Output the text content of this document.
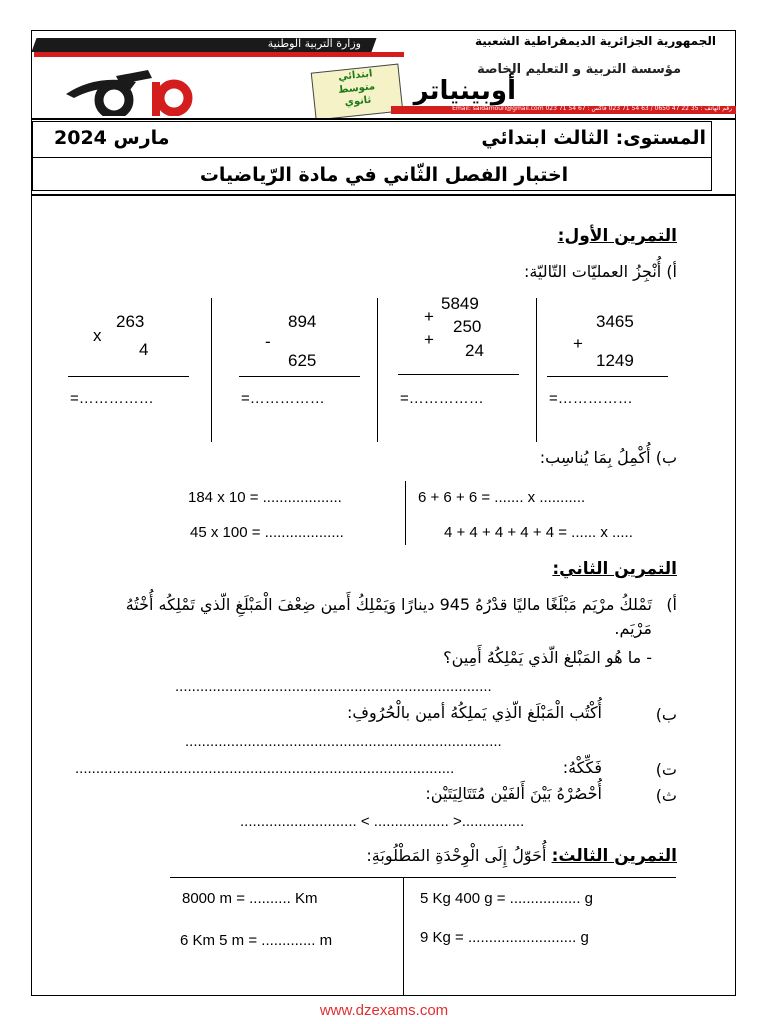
وزارة التربية الوطنية	الجمهورية الجزائرية الديمقراطية الشعبية
مؤسسة التربية و التعليم الخاصة
أوبينياتر
ابتدائي
متوسط
ثانوي
رقم الهاتف : 35 22 47 0650 / 63 54 71 023 فاكس : 67 54 71 023 Email: saidamouri@gmail.com
المستوى: الثالث ابتدائي
مارس 2024
اختبار الفصل الثّاني في مادة الرّياضيات
التمرين الأول:
أ) أُنْجِزُ العمليّات التّاليّة:
3465
+
1249
=……………
5849
+
250
+
24
=……………
894
-
625
=……………
263
x
4
=……………
ب) أُكْمِلُ بِمَا يُناسِب:
6 + 6 + 6 = ....... x ...........
4 + 4 + 4 + 4 + 4 = ...... x .....
184 x 10 = ...................
45 x 100 = ...................
التمرين الثاني:
أ)
تَمْلكُ مرْيَم مَبْلَغًا ماليًا قدْرُهُ 945 دينارًا وَيَمْلِكُ أَمين ضِعْفَ الْمَبْلَغِ الّذي تَمْلِكُه أُخْتُهُ مَرْيَم.
- ما هُو المَبْلغ الّذي يَمْلِكُهُ أَمِين؟
............................................................................
ب)
أُكْتُب الْمَبْلَغ الّذِي يَملِكُهُ أمين بالْحُرُوفِ:
............................................................................
ت)
فَكِّكْهُ:
...........................................................................................
ث)
أُحْصُرْهُ بَيْنَ أَلفَيْن مُتَتَالِيَتَيْن:
............................ < .................. >...............
التمرين الثالث: أُحَوّلُ إِلَى الْوِحْدَةِ المَطْلُوبَةِ:
5 Kg 400 g = ................. g
9 Kg = .......................... g
8000 m = .......... Km
6 Km 5 m = ............. m
www.dzexams.com
